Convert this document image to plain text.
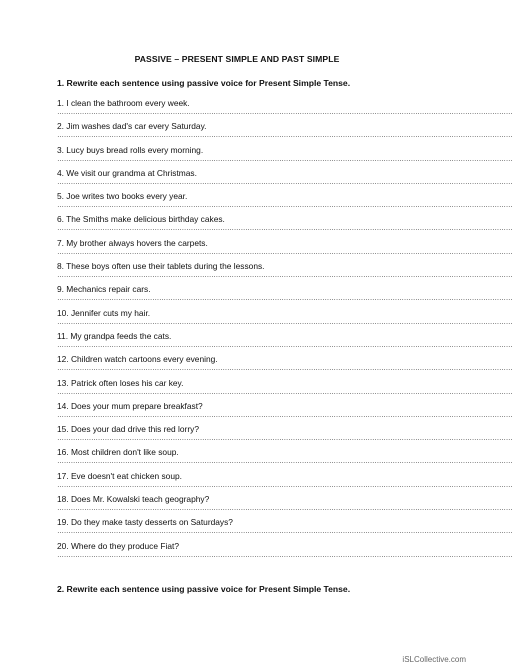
PASSIVE – PRESENT SIMPLE AND PAST SIMPLE
1. Rewrite each sentence using passive voice for Present Simple Tense.
1. I clean the bathroom every week.
…………………………………………………………………………………………………………………………………………………………………………………
2. Jim washes dad's car every Saturday.
…………………………………………………………………………………………………………………………………………………………………………………
3. Lucy buys bread rolls every morning.
…………………………………………………………………………………………………………………………………………………………………………………
4. We visit our grandma at Christmas.
…………………………………………………………………………………………………………………………………………………………………………………
5. Joe writes two books every year.
…………………………………………………………………………………………………………………………………………………………………………………
6. The Smiths make delicious birthday cakes.
…………………………………………………………………………………………………………………………………………………………………………………
7. My brother always hovers the carpets.
…………………………………………………………………………………………………………………………………………………………………………………
8. These boys often use their tablets during the lessons.
…………………………………………………………………………………………………………………………………………………………………………………
9. Mechanics repair cars.
…………………………………………………………………………………………………………………………………………………………………………………
10. Jennifer cuts my hair.
…………………………………………………………………………………………………………………………………………………………………………………
11. My grandpa feeds the cats.
…………………………………………………………………………………………………………………………………………………………………………………
12. Children watch cartoons every evening.
…………………………………………………………………………………………………………………………………………………………………………………
13. Patrick often loses his car key.
…………………………………………………………………………………………………………………………………………………………………………………
14. Does your mum prepare breakfast?
…………………………………………………………………………………………………………………………………………………………………………………
15. Does your dad drive this red lorry?
…………………………………………………………………………………………………………………………………………………………………………………
16. Most children don't like soup.
…………………………………………………………………………………………………………………………………………………………………………………
17. Eve doesn't eat chicken soup.
…………………………………………………………………………………………………………………………………………………………………………………
18. Does Mr. Kowalski teach geography?
…………………………………………………………………………………………………………………………………………………………………………………
19. Do they make tasty desserts on Saturdays?
…………………………………………………………………………………………………………………………………………………………………………………
20. Where do they produce Fiat?
…………………………………………………………………………………………………………………………………………………………………………………
2. Rewrite each sentence using passive voice for Present Simple Tense.
iSLCollective.com
